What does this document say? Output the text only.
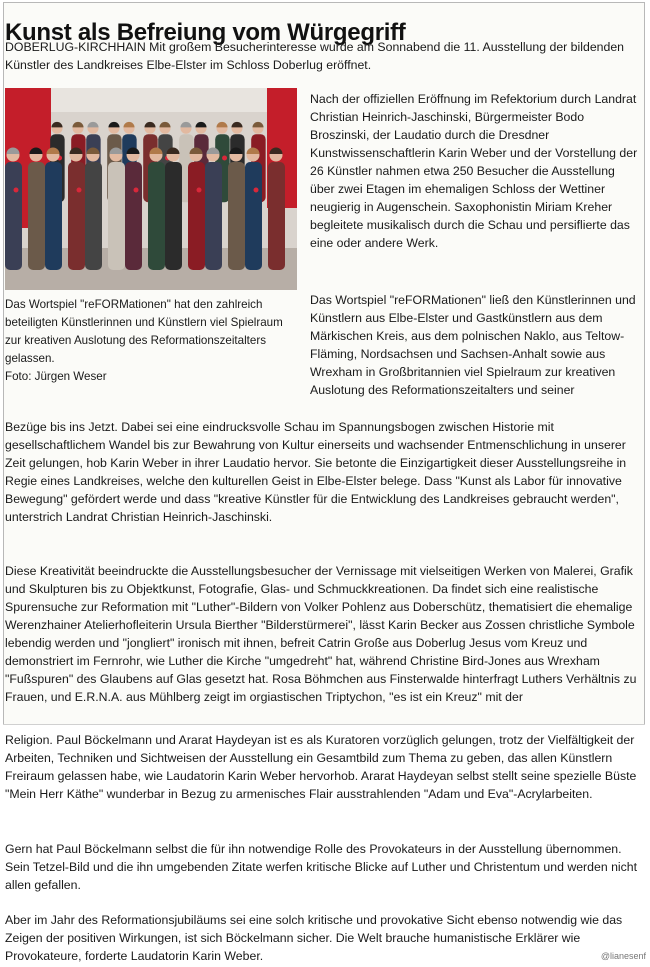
Kunst als Befreiung vom Würgegriff

DOBERLUG-KIRCHHAIN Mit großem Besucherinteresse wurde am Sonnabend die 11. Ausstellung der bildenden Künstler des Landkreises Elbe-Elster im Schloss Doberlug eröffnet.

Das Wortspiel "reFORMationen" hat den zahlreich beteiligten Künstlerinnen und Künstlern viel Spielraum zur kreativen Auslotung des Reformationszeitalters gelassen.
Foto: Jürgen Weser

Nach der offiziellen Eröffnung im Refektorium durch Landrat Christian Heinrich-Jaschinski, Bürgermeister Bodo Broszinski, der Laudatio durch die Dresdner Kunstwissenschaftlerin Karin Weber und der Vorstellung der 26 Künstler nahmen etwa 250 Besucher die Ausstellung über zwei Etagen im ehemaligen Schloss der Wettiner neugierig in Augenschein. Saxophonistin Miriam Kreher begleitete musikalisch durch die Schau und persiflierte das eine oder andere Werk.

Das Wortspiel "reFORMationen" ließ den Künstlerinnen und Künstlern aus Elbe-Elster und Gastkünstlern aus dem Märkischen Kreis, aus dem polnischen Naklo, aus Teltow-Fläming, Nordsachsen und Sachsen-Anhalt sowie aus Wrexham in Großbritannien viel Spielraum zur kreativen Auslotung des Reformationszeitalters und seiner

Bezüge bis ins Jetzt. Dabei sei eine eindrucksvolle Schau im Spannungsbogen zwischen Historie mit gesellschaftlichem Wandel bis zur Bewahrung von Kultur einerseits und wachsender Entmenschlichung in unserer Zeit gelungen, hob Karin Weber in ihrer Laudatio hervor. Sie betonte die Einzigartigkeit dieser Ausstellungsreihe in Regie eines Landkreises, welche den kulturellen Geist in Elbe-Elster belege. Dass "Kunst als Labor für innovative Bewegung" gefördert werde und dass "kreative Künstler für die Entwicklung des Landkreises gebraucht werden", unterstrich Landrat Christian Heinrich-Jaschinski.

Diese Kreativität beeindruckte die Ausstellungsbesucher der Vernissage mit vielseitigen Werken von Malerei, Grafik und Skulpturen bis zu Objektkunst, Fotografie, Glas- und Schmuckkreationen. Da findet sich eine realistische Spurensuche zur Reformation mit "Luther"-Bildern von Volker Pohlenz aus Doberschütz, thematisiert die ehemalige Werenzhainer Atelierhofleiterin Ursula Bierther "Bilderstürmerei", lässt Karin Becker aus Zossen christliche Symbole lebendig werden und "jongliert" ironisch mit ihnen, befreit Catrin Große aus Doberlug Jesus vom Kreuz und demonstriert im Fernrohr, wie Luther die Kirche "umgedreht" hat, während Christine Bird-Jones aus Wrexham "Fußspuren" des Glaubens auf Glas gesetzt hat. Rosa Böhmchen aus Finsterwalde hinterfragt Luthers Verhältnis zu Frauen, und E.R.N.A. aus Mühlberg zeigt im orgiastischen Triptychon, "es ist ein Kreuz" mit der

Religion. Paul Böckelmann und Ararat Haydeyan ist es als Kuratoren vorzüglich gelungen, trotz der Vielfältigkeit der Arbeiten, Techniken und Sichtweisen der Ausstellung ein Gesamtbild zum Thema zu geben, das allen Künstlern Freiraum gelassen habe, wie Laudatorin Karin Weber hervorhob. Ararat Haydeyan selbst stellt seine spezielle Büste "Mein Herr Käthe" wunderbar in Bezug zu armenisches Flair ausstrahlenden "Adam und Eva"-Acrylarbeiten.

Gern hat Paul Böckelmann selbst die für ihn notwendige Rolle des Provokateurs in der Ausstellung übernommen. Sein Tetzel-Bild und die ihn umgebenden Zitate werfen kritische Blicke auf Luther und Christentum und werden nicht allen gefallen.

Aber im Jahr des Reformationsjubiläums sei eine solch kritische und provokative Sicht ebenso notwendig wie das Zeigen der positiven Wirkungen, ist sich Böckelmann sicher. Die Welt brauche humanistische Erklärer wie Provokateure, forderte Laudatorin Karin Weber.	@lianesenf
